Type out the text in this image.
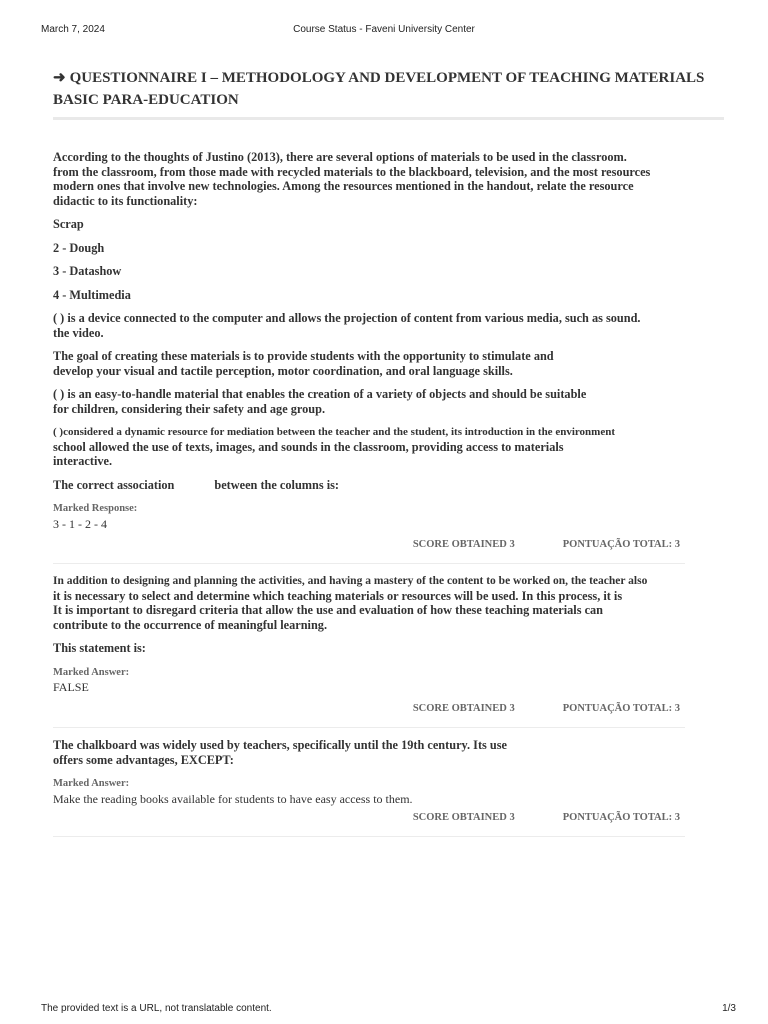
March 7, 2024	Course Status - Faveni University Center
➜ QUESTIONNAIRE I – METHODOLOGY AND DEVELOPMENT OF TEACHING MATERIALS BASIC PARA-EDUCATION
According to the thoughts of Justino (2013), there are several options of materials to be used in the classroom.
from the classroom, from those made with recycled materials to the blackboard, television, and the most resources
modern ones that involve new technologies. Among the resources mentioned in the handout, relate the resource
didactic to its functionality:
Scrap
2 - Dough
3 - Datashow
4 - Multimedia
( ) is a device connected to the computer and allows the projection of content from various media, such as sound.
the video.
The goal of creating these materials is to provide students with the opportunity to stimulate and
develop your visual and tactile perception, motor coordination, and oral language skills.
( ) is an easy-to-handle material that enables the creation of a variety of objects and should be suitable
for children, considering their safety and age group.
( )considered a dynamic resource for mediation between the teacher and the student, its introduction in the environment
school allowed the use of texts, images, and sounds in the classroom, providing access to materials
interactive.
The correct association	between the columns is:
Marked Response:
3 - 1 - 2 - 4
SCORE OBTAINED 3	PONTUAÇÃO TOTAL: 3
In addition to designing and planning the activities, and having a mastery of the content to be worked on, the teacher also
it is necessary to select and determine which teaching materials or resources will be used. In this process, it is
It is important to disregard criteria that allow the use and evaluation of how these teaching materials can
contribute to the occurrence of meaningful learning.
This statement is:
Marked Answer:
FALSE
SCORE OBTAINED 3	PONTUAÇÃO TOTAL: 3
The chalkboard was widely used by teachers, specifically until the 19th century. Its use
offers some advantages, EXCEPT:
Marked Answer:
Make the reading books available for students to have easy access to them.
SCORE OBTAINED 3	PONTUAÇÃO TOTAL: 3
The provided text is a URL, not translatable content.	1/3
